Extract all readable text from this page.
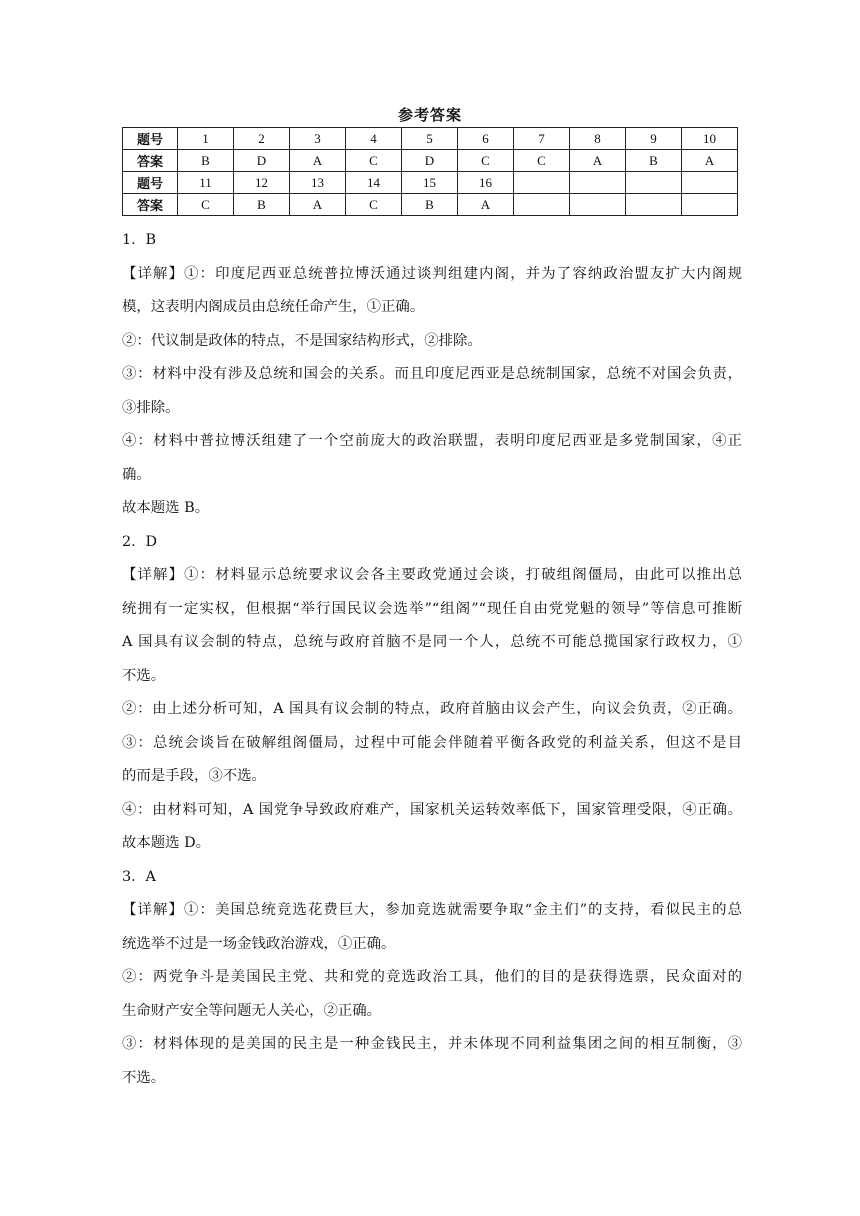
参考答案
题号	1	2	3	4	5	6	7	8	9	10
答案	B	D	A	C	D	C	C	A	B	A
题号	11	12	13	14	15	16				
答案	C	B	A	C	B	A				
1．B
【详解】①：印度尼西亚总统普拉博沃通过谈判组建内阁，并为了容纳政治盟友扩大内阁规
模，这表明内阁成员由总统任命产生，①正确。
②：代议制是政体的特点，不是国家结构形式，②排除。
③：材料中没有涉及总统和国会的关系。而且印度尼西亚是总统制国家，总统不对国会负责，
③排除。
④：材料中普拉博沃组建了一个空前庞大的政治联盟，表明印度尼西亚是多党制国家，④正
确。
故本题选 B。
2．D
【详解】①：材料显示总统要求议会各主要政党通过会谈，打破组阁僵局，由此可以推出总
统拥有一定实权，但根据“举行国民议会选举”“组阁”“现任自由党党魁的领导”等信息可推断
A 国具有议会制的特点，总统与政府首脑不是同一个人，总统不可能总揽国家行政权力，①
不选。
②：由上述分析可知，A 国具有议会制的特点，政府首脑由议会产生，向议会负责，②正确。
③：总统会谈旨在破解组阁僵局，过程中可能会伴随着平衡各政党的利益关系，但这不是目
的而是手段，③不选。
④：由材料可知，A 国党争导致政府难产，国家机关运转效率低下，国家管理受限，④正确。
故本题选 D。
3．A
【详解】①：美国总统竞选花费巨大，参加竞选就需要争取“金主们”的支持，看似民主的总
统选举不过是一场金钱政治游戏，①正确。
②：两党争斗是美国民主党、共和党的竞选政治工具，他们的目的是获得选票，民众面对的
生命财产安全等问题无人关心，②正确。
③：材料体现的是美国的民主是一种金钱民主，并未体现不同利益集团之间的相互制衡，③
不选。
